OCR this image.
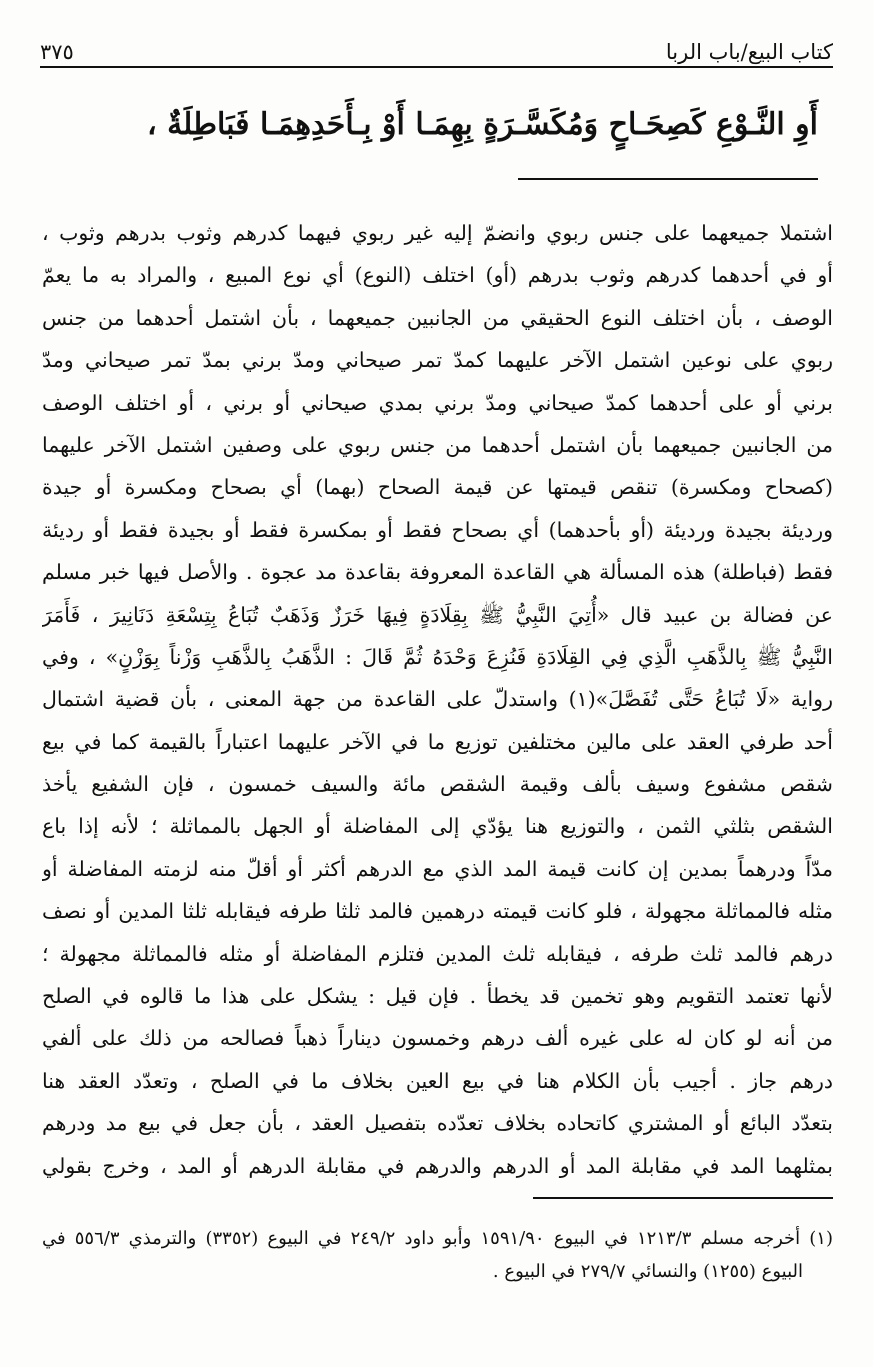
كتاب البيع/باب الربا
٣٧٥
أَوِ النَّـوْعِ كَصِحَـاحٍ وَمُكَسَّـرَةٍ بِهِمَـا أَوْ بِـأَحَدِهِمَـا فَبَاطِلَةٌ ،
اشتملا جميعهما على جنس ربوي وانضمّ إليه غير ربوي فيهما كدرهم وثوب بدرهم وثوب ،
أو في أحدهما كدرهم وثوب بدرهم (أو) اختلف (النوع) أي نوع المبيع ، والمراد به ما يعمّ
الوصف ، بأن اختلف النوع الحقيقي من الجانبين جميعهما ، بأن اشتمل أحدهما من جنس
ربوي على نوعين اشتمل الآخر عليهما كمدّ تمر صيحاني ومدّ برني بمدّ تمر صيحاني ومدّ
برني أو على أحدهما كمدّ صيحاني ومدّ برني بمدي صيحاني أو برني ، أو اختلف الوصف
من الجانبين جميعهما بأن اشتمل أحدهما من جنس ربوي على وصفين اشتمل الآخر عليهما
(كصحاح ومكسرة) تنقص قيمتها عن قيمة الصحاح (بهما) أي بصحاح ومكسرة أو جيدة
ورديئة بجيدة ورديئة (أو بأحدهما) أي بصحاح فقط أو بمكسرة فقط أو بجيدة فقط أو رديئة
فقط (فباطلة) هذه المسألة هي القاعدة المعروفة بقاعدة مد عجوة . والأصل فيها خبر مسلم
عن فضالة بن عبيد قال «أُتِيَ النَّبِيُّ ﷺ بِقِلَادَةٍ فِيهَا خَرَزٌ وَذَهَبٌ تُبَاعُ بِتِسْعَةِ دَنَانِيرَ ، فَأَمَرَ
النَّبِيُّ ﷺ بِالذَّهَبِ الَّذِي فِي القِلَادَةِ فَنُزِعَ وَحْدَهُ ثُمَّ قَالَ : الذَّهَبُ بِالذَّهَبِ وَزْناً بِوَزْنٍ» ، وفي
رواية «لَا تُبَاعُ حَتَّى تُفَصَّلَ»(١) واستدلّ على القاعدة من جهة المعنى ، بأن قضية اشتمال
أحد طرفي العقد على مالين مختلفين توزيع ما في الآخر عليهما اعتباراً بالقيمة كما في بيع
شقص مشفوع وسيف بألف وقيمة الشقص مائة والسيف خمسون ، فإن الشفيع يأخذ
الشقص بثلثي الثمن ، والتوزيع هنا يؤدّي إلى المفاضلة أو الجهل بالمماثلة ؛ لأنه إذا باع
مدّاً ودرهماً بمدين إن كانت قيمة المد الذي مع الدرهم أكثر أو أقلّ منه لزمته المفاضلة أو
مثله فالمماثلة مجهولة ، فلو كانت قيمته درهمين فالمد ثلثا طرفه فيقابله ثلثا المدين أو نصف
درهم فالمد ثلث طرفه ، فيقابله ثلث المدين فتلزم المفاضلة أو مثله فالمماثلة مجهولة ؛
لأنها تعتمد التقويم وهو تخمين قد يخطأ . فإن قيل : يشكل على هذا ما قالوه في الصلح
من أنه لو كان له على غيره ألف درهم وخمسون ديناراً ذهباً فصالحه من ذلك على ألفي
درهم جاز . أجيب بأن الكلام هنا في بيع العين بخلاف ما في الصلح ، وتعدّد العقد هنا
بتعدّد البائع أو المشتري كاتحاده بخلاف تعدّده بتفصيل العقد ، بأن جعل في بيع مد ودرهم
بمثلهما المد في مقابلة المد أو الدرهم والدرهم في مقابلة الدرهم أو المد ، وخرج بقولي
(١) أخرجه مسلم ١٢١٣/٣ في البيوع ١٥٩١/٩٠ وأبو داود ٢٤٩/٢ في البيوع (٣٣٥٢) والترمذي ٥٥٦/٣ في
البيوع (١٢٥٥) والنسائي ٢٧٩/٧ في البيوع .
